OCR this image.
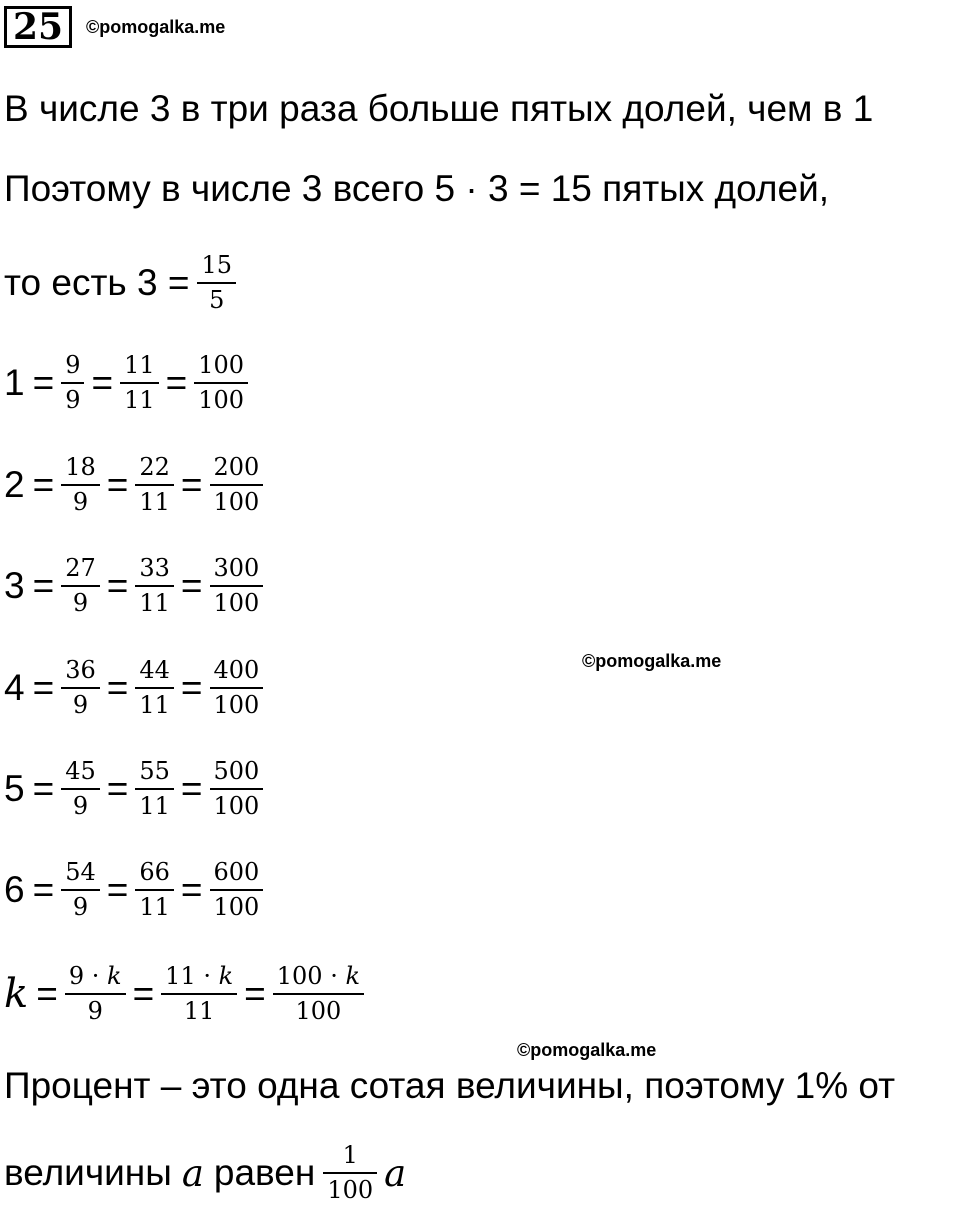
25	©pomogalka.me
©pomogalka.me
©pomogalka.me
В числе 3 в три раза больше пятых долей, чем в 1
Поэтому в числе 3 всего 5 · 3 = 15 пятых долей,
то есть $3 = \frac{15}{5}$
$1 = \frac{9}{9} = \frac{11}{11} = \frac{100}{100}$
$2 = \frac{18}{9} = \frac{22}{11} = \frac{200}{100}$
$3 = \frac{27}{9} = \frac{33}{11} = \frac{300}{100}$
$4 = \frac{36}{9} = \frac{44}{11} = \frac{400}{100}$
$5 = \frac{45}{9} = \frac{55}{11} = \frac{500}{100}$
$6 = \frac{54}{9} = \frac{66}{11} = \frac{600}{100}$
$k = \frac{9 \cdot k}{9} = \frac{11 \cdot k}{11} = \frac{100 \cdot k}{100}$
Процент – это одна сотая величины, поэтому 1% от
величины a равен $\frac{1}{100}$ a
